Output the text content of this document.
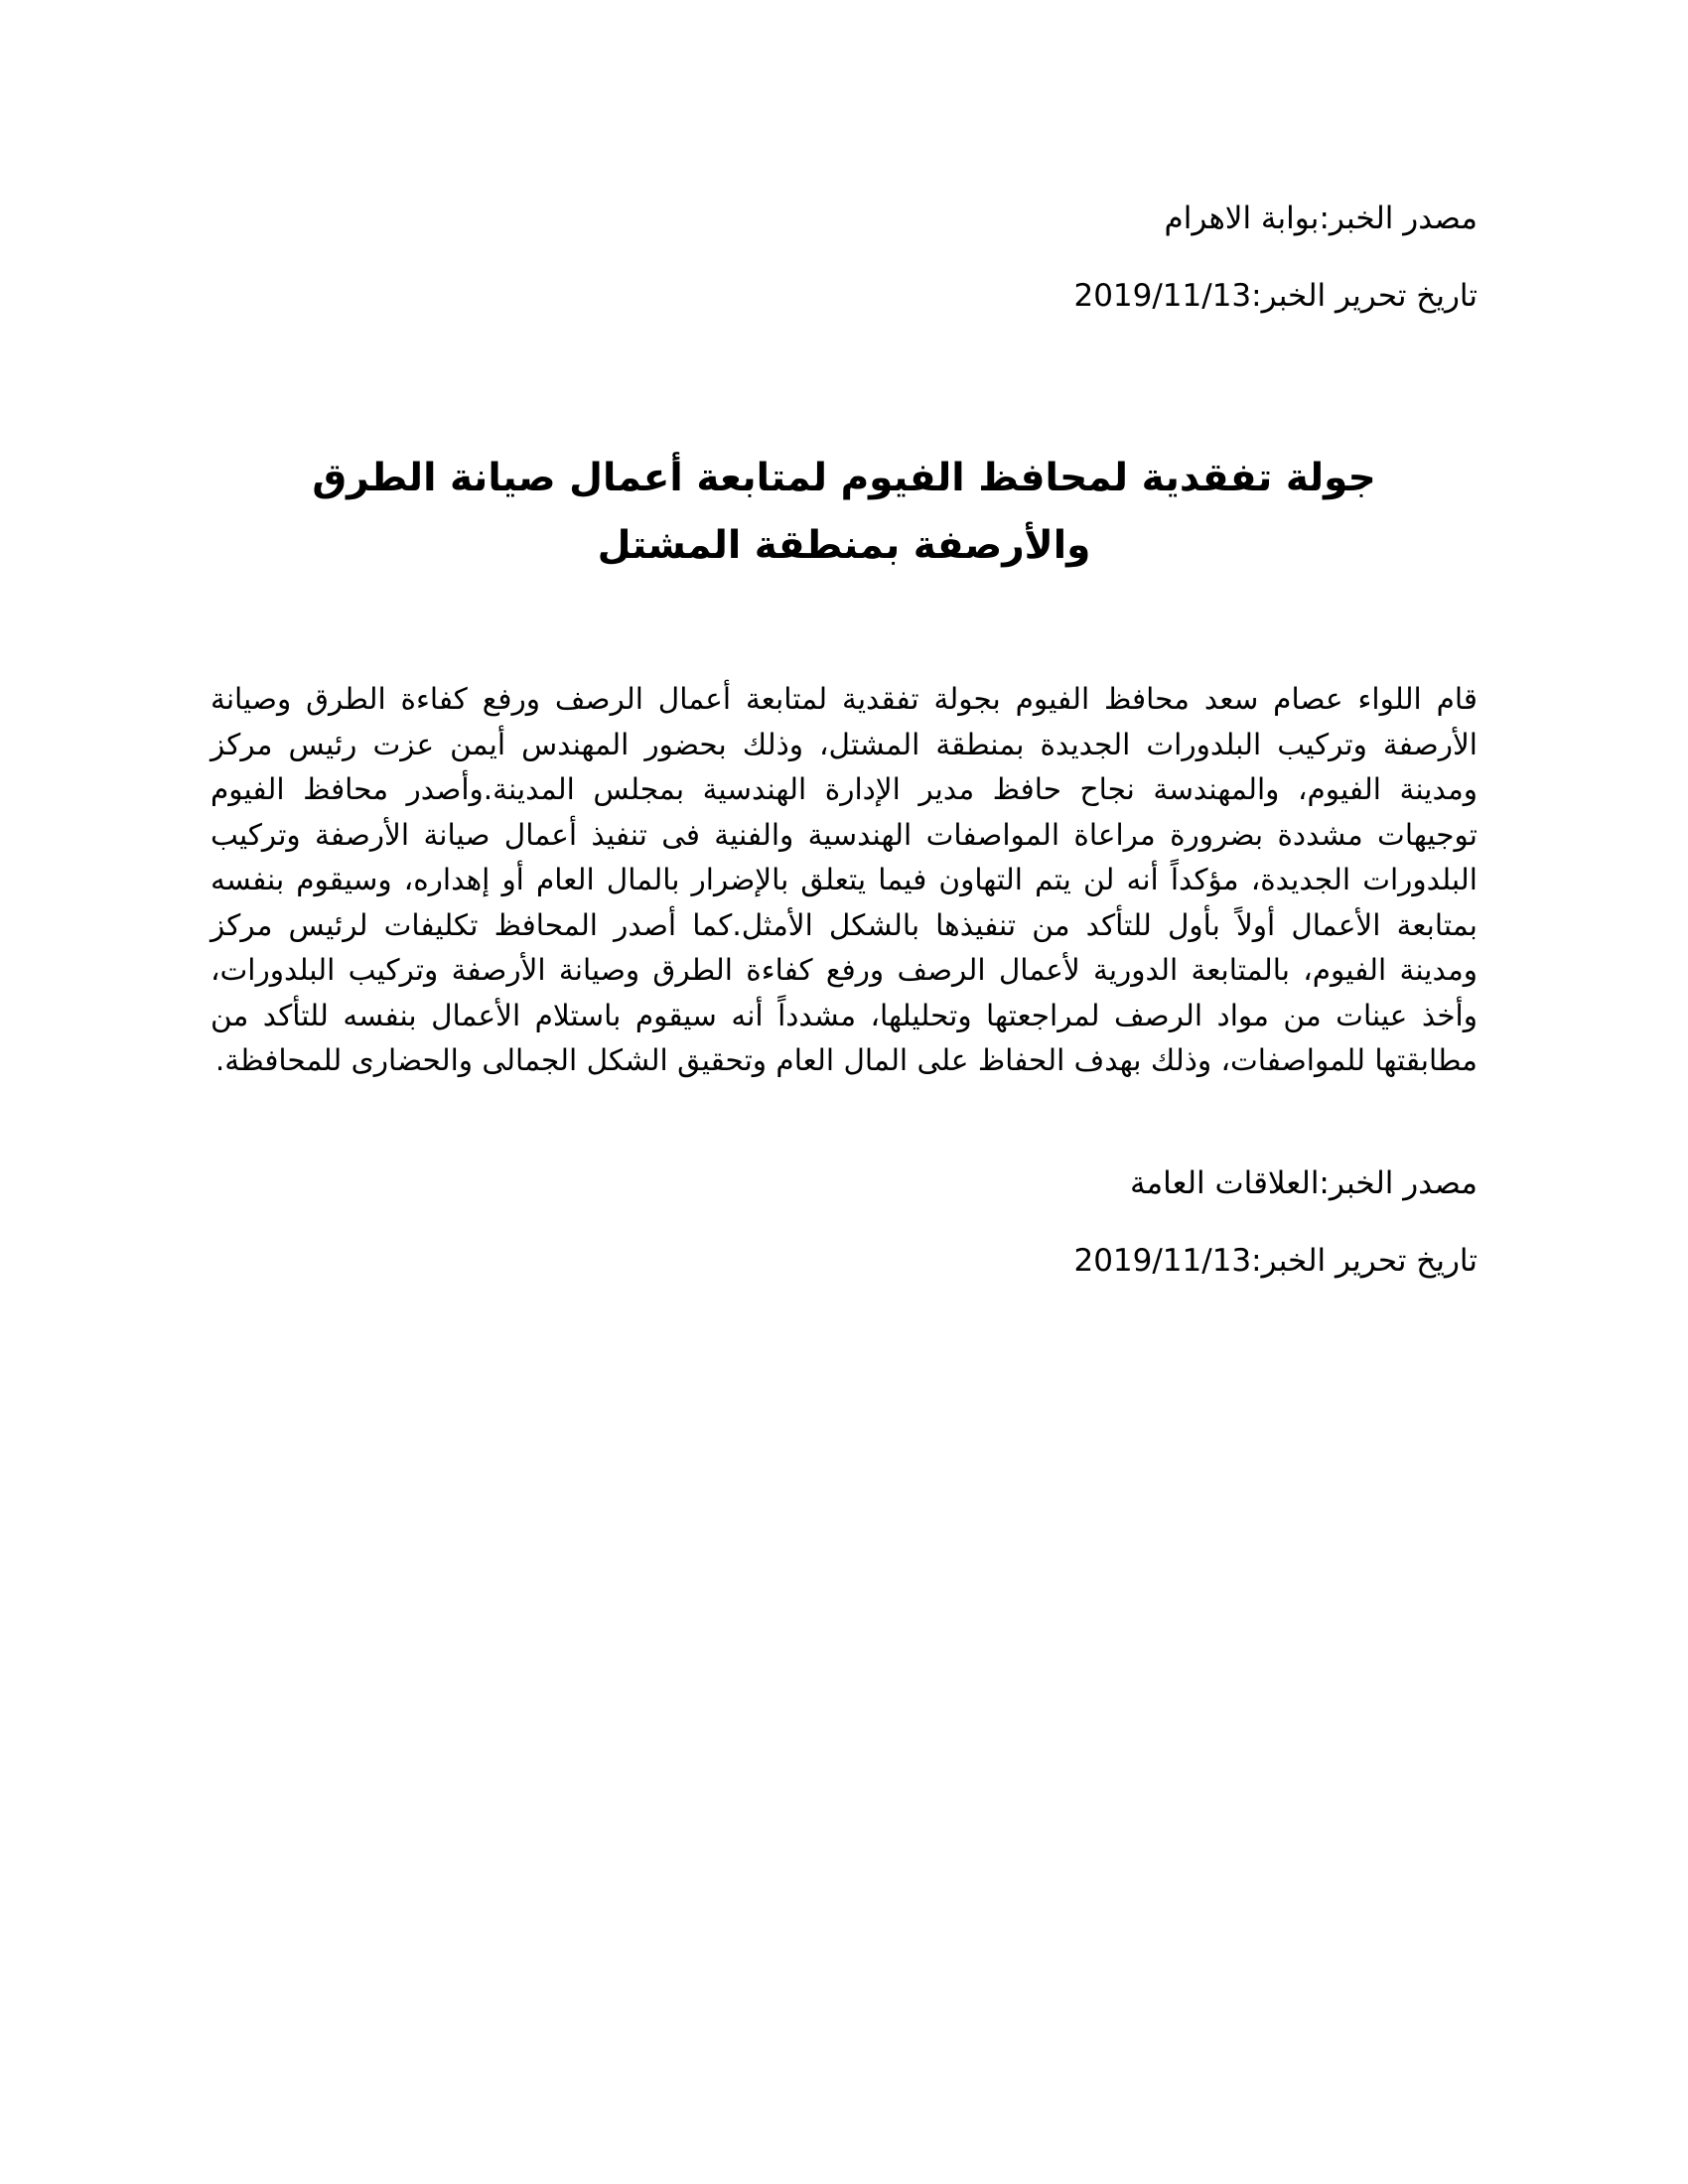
مصدر الخبر:بوابة الاهرام

تاريخ تحرير الخبر:2019/11/13

جولة تفقدية لمحافظ الفيوم لمتابعة أعمال صيانة الطرق والأرصفة بمنطقة المشتل

قام اللواء عصام سعد محافظ الفيوم بجولة تفقدية لمتابعة أعمال الرصف ورفع كفاءة الطرق وصيانة الأرصفة وتركيب البلدورات الجديدة بمنطقة المشتل، وذلك بحضور المهندس أيمن عزت رئيس مركز ومدينة الفيوم، والمهندسة نجاح حافظ مدير الإدارة الهندسية بمجلس المدينة.وأصدر محافظ الفيوم توجيهات مشددة بضرورة مراعاة المواصفات الهندسية والفنية فى تنفيذ أعمال صيانة الأرصفة وتركيب البلدورات الجديدة، مؤكداً أنه لن يتم التهاون فيما يتعلق بالإضرار بالمال العام أو إهداره، وسيقوم بنفسه بمتابعة الأعمال أولاً بأول للتأكد من تنفيذها بالشكل الأمثل.كما أصدر المحافظ تكليفات لرئيس مركز ومدينة الفيوم، بالمتابعة الدورية لأعمال الرصف ورفع كفاءة الطرق وصيانة الأرصفة وتركيب البلدورات، وأخذ عينات من مواد الرصف لمراجعتها وتحليلها، مشدداً أنه سيقوم باستلام الأعمال بنفسه للتأكد من مطابقتها للمواصفات، وذلك بهدف الحفاظ على المال العام وتحقيق الشكل الجمالى والحضارى للمحافظة.

مصدر الخبر:العلاقات العامة

تاريخ تحرير الخبر:2019/11/13
